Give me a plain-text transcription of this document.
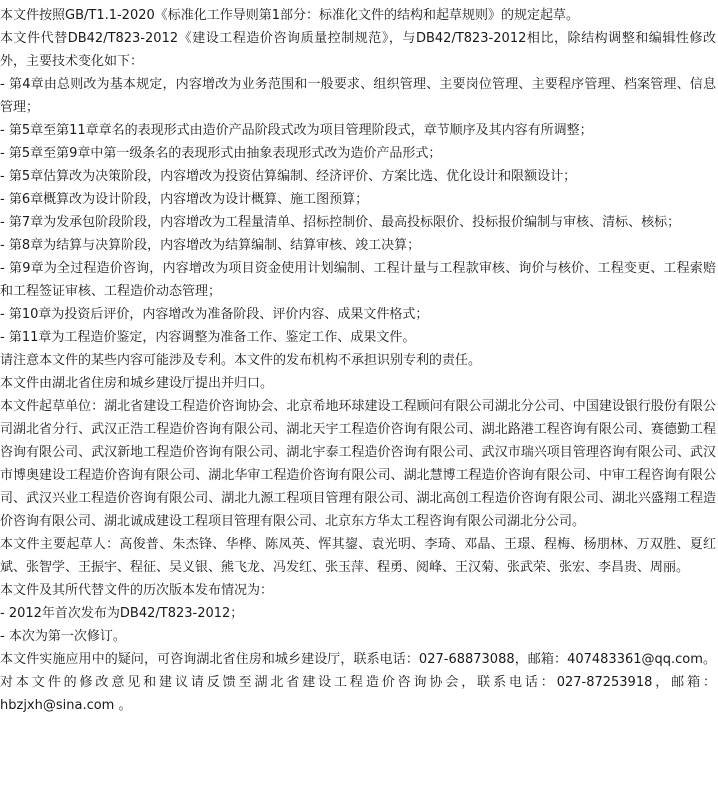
本文件按照GB/T1.1-2020《标准化工作导则第1部分：标准化文件的结构和起草规则》的规定起草。

本文件代替DB42/T823-2012《建设工程造价咨询质量控制规范》，与DB42/T823-2012相比，除结构调整和编辑性修改外，主要技术变化如下：

- 第4章由总则改为基本规定，内容增改为业务范围和一般要求、组织管理、主要岗位管理、主要程序管理、档案管理、信息管理；

- 第5章至第11章章名的表现形式由造价产品阶段式改为项目管理阶段式，章节顺序及其内容有所调整；

- 第5章至第9章中第一级条名的表现形式由抽象表现形式改为造价产品形式；

- 第5章估算改为决策阶段，内容增改为投资估算编制、经济评价、方案比选、优化设计和限额设计；

- 第6章概算改为设计阶段，内容增改为设计概算、施工图预算；

- 第7章为发承包阶段阶段，内容增改为工程量清单、招标控制价、最高投标限价、投标报价编制与审核、清标、核标；

- 第8章为结算与决算阶段，内容增改为结算编制、结算审核、竣工决算；

- 第9章为全过程造价咨询，内容增改为项目资金使用计划编制、工程计量与工程款审核、询价与核价、工程变更、工程索赔和工程签证审核、工程造价动态管理；

- 第10章为投资后评价，内容增改为准备阶段、评价内容、成果文件格式；

- 第11章为工程造价鉴定，内容调整为准备工作、鉴定工作、成果文件。

请注意本文件的某些内容可能涉及专利。本文件的发布机构不承担识别专利的责任。

本文件由湖北省住房和城乡建设厅提出并归口。

本文件起草单位：湖北省建设工程造价咨询协会、北京希地环球建设工程顾问有限公司湖北分公司、中国建设银行股份有限公司湖北省分行、武汉正浩工程造价咨询有限公司、湖北天宇工程造价咨询有限公司、湖北路港工程咨询有限公司、赛德勤工程咨询有限公司、武汉新地工程造价咨询有限公司、湖北宇泰工程造价咨询有限公司、武汉市瑞兴项目管理咨询有限公司、武汉市博奥建设工程造价咨询有限公司、湖北华审工程造价咨询有限公司、湖北慧博工程造价咨询有限公司、中审工程咨询有限公司、武汉兴业工程造价咨询有限公司、湖北九源工程项目管理有限公司、湖北高创工程造价咨询有限公司、湖北兴盛翔工程造价咨询有限公司、湖北诚成建设工程项目管理有限公司、北京东方华太工程咨询有限公司湖北分公司。

本文件主要起草人：高俊普、朱杰锋、华桦、陈凤英、恽其鋆、袁光明、李琦、邓晶、王璟、程梅、杨朋林、万双胜、夏红斌、张智学、王振宇、程征、吴义银、熊飞龙、冯发红、张玉萍、程勇、阅峰、王汉菊、张武荣、张宏、李昌贵、周丽。

本文件及其所代替文件的历次版本发布情况为：

- 2012年首次发布为DB42/T823-2012；

- 本次为第一次修订。

本文件实施应用中的疑问，可咨询湖北省住房和城乡建设厅，联系电话：027-68873088，邮箱：407483361@qq.com。对本文件的修改意见和建议请反馈至湖北省建设工程造价咨询协会，联系电话：027-87253918，邮箱：hbzjxh@sina.com 。
